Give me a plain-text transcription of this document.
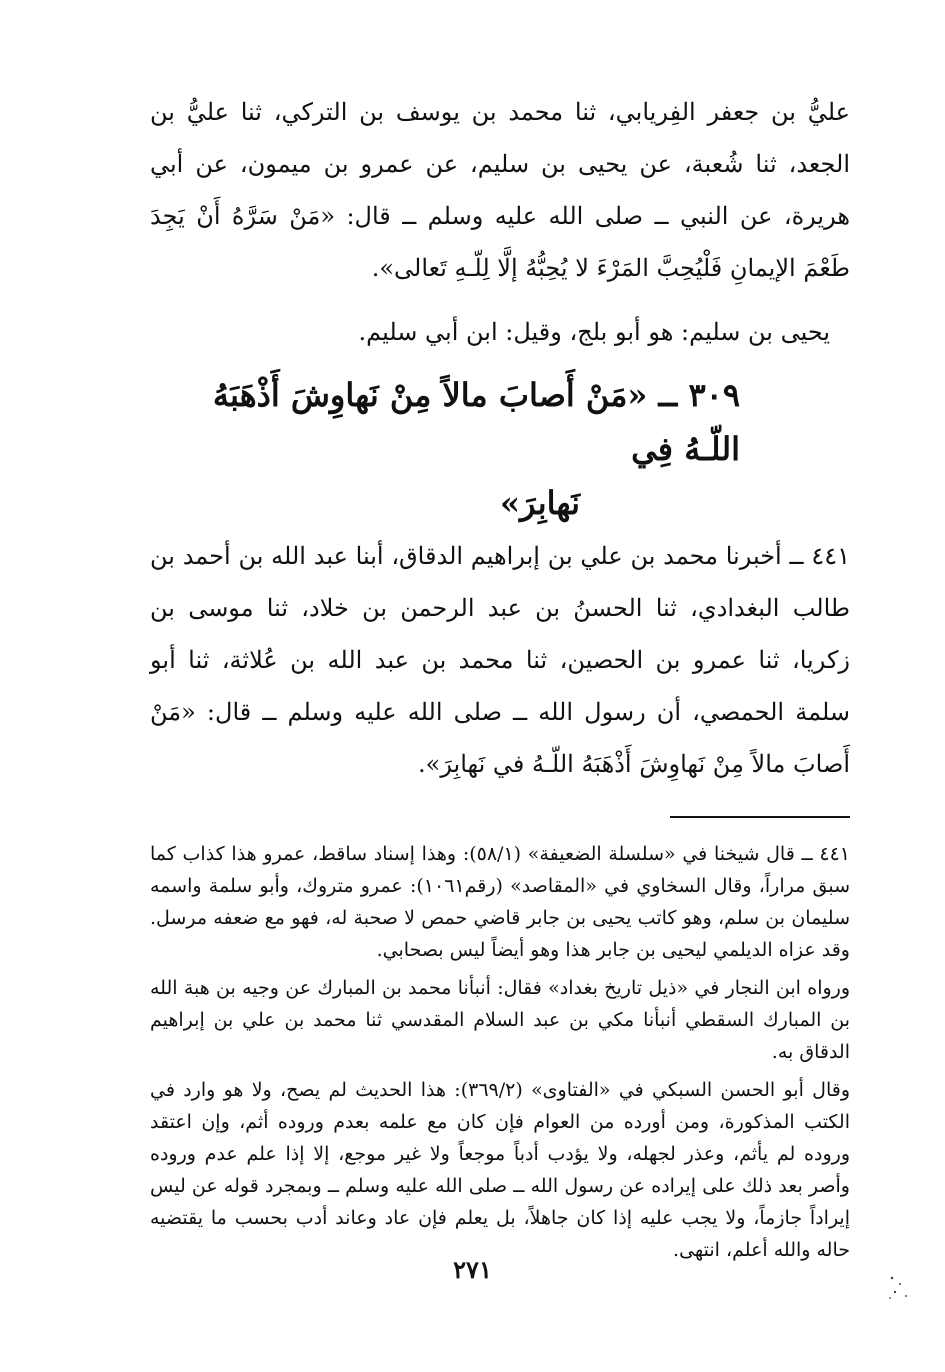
عليُّ بن جعفر الفِريابي، ثنا محمد بن يوسف بن التركي، ثنا عليُّ بن الجعد، ثنا شُعبة، عن يحيى بن سليم، عن عمرو بن ميمون، عن أبي هريرة، عن النبي ــ صلى الله عليه وسلم ــ قال: «مَنْ سَرَّهُ أَنْ يَجِدَ طَعْمَ الإيمانِ فَلْيُحِبَّ المَرْءَ لا يُحِبُّهُ إلَّا لِلّـهِ تَعالى».

يحيى بن سليم: هو أبو بلج، وقيل: ابن أبي سليم.

٣٠٩ ــ «مَنْ أَصابَ مالاً مِنْ نَهاوِشَ أَذْهَبَهُ اللّـهُ فِي
نَهابِرَ»

٤٤١ ــ أخبرنا محمد بن علي بن إبراهيم الدقاق، أبنا عبد الله بن أحمد بن طالب البغدادي، ثنا الحسنُ بن عبد الرحمن بن خلاد، ثنا موسى بن زكريا، ثنا عمرو بن الحصين، ثنا محمد بن عبد الله بن عُلاثة، ثنا أبو سلمة الحمصي، أن رسول الله ــ صلى الله عليه وسلم ــ قال: «مَنْ أَصابَ مالاً مِنْ نَهاوِشَ أَذْهَبَهُ اللّـهُ في نَهابِرَ».

٤٤١ ــ قال شيخنا في «سلسلة الضعيفة» (٥٨/١): وهذا إسناد ساقط، عمرو هذا كذاب كما سبق مراراً، وقال السخاوي في «المقاصد» (رقم١٠٦١): عمرو متروك، وأبو سلمة واسمه سليمان بن سلم، وهو كاتب يحيى بن جابر قاضي حمص لا صحبة له، فهو مع ضعفه مرسل. وقد عزاه الديلمي ليحيى بن جابر هذا وهو أيضاً ليس بصحابي.

ورواه ابن النجار في «ذيل تاريخ بغداد» فقال: أنبأنا محمد بن المبارك عن وجيه بن هبة الله بن المبارك السقطي أنبأنا مكي بن عبد السلام المقدسي ثنا محمد بن علي بن إبراهيم الدقاق به.

وقال أبو الحسن السبكي في «الفتاوى» (٣٦٩/٢): هذا الحديث لم يصح، ولا هو وارد في الكتب المذكورة، ومن أورده من العوام فإن كان مع علمه بعدم وروده أثم، وإن اعتقد وروده لم يأثم، وعذر لجهله، ولا يؤدب أدباً موجعاً ولا غير موجع، إلا إذا علم عدم وروده وأصر بعد ذلك على إيراده عن رسول الله ــ صلى الله عليه وسلم ــ وبمجرد قوله عن ليس إيراداً جازماً، ولا يجب عليه إذا كان جاهلاً، بل يعلم فإن عاد وعاند أدب بحسب ما يقتضيه حاله والله أعلم، انتهى.

٢٧١
